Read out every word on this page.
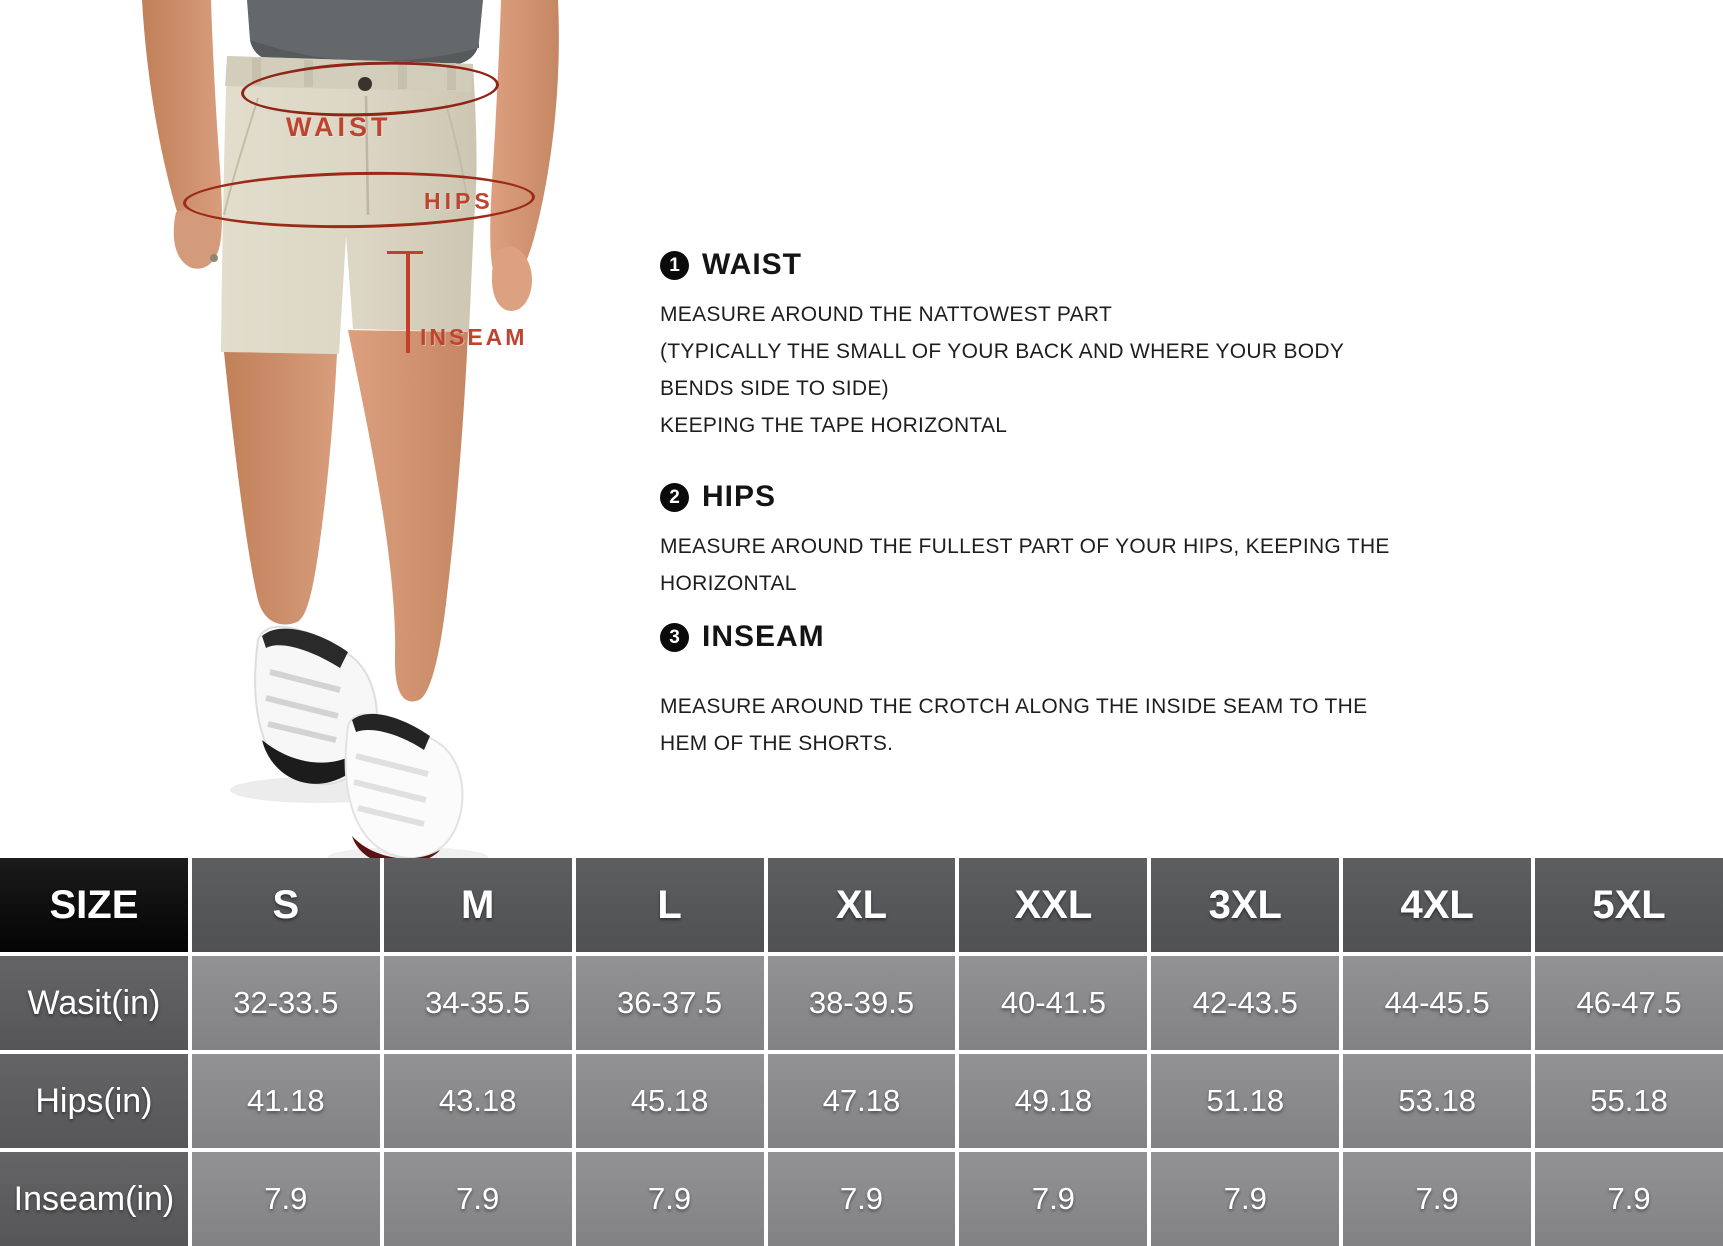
WAIST
HIPS
INSEAM
1 WAIST

MEASURE AROUND THE NATTOWEST PART

(TYPICALLY THE SMALL OF YOUR BACK AND WHERE YOUR BODY

BENDS SIDE TO SIDE)

KEEPING THE TAPE HORIZONTAL

2 HIPS

MEASURE AROUND THE FULLEST PART OF YOUR HIPS, KEEPING THE

HORIZONTAL

3 INSEAM

MEASURE AROUND THE CROTCH ALONG THE INSIDE SEAM TO THE

HEM OF THE SHORTS.

SIZE	S	M	L	XL	XXL	3XL	4XL	5XL
Wasit(in)	32-33.5	34-35.5	36-37.5	38-39.5	40-41.5	42-43.5	44-45.5	46-47.5
Hips(in)	41.18	43.18	45.18	47.18	49.18	51.18	53.18	55.18
Inseam(in)	7.9	7.9	7.9	7.9	7.9	7.9	7.9	7.9
